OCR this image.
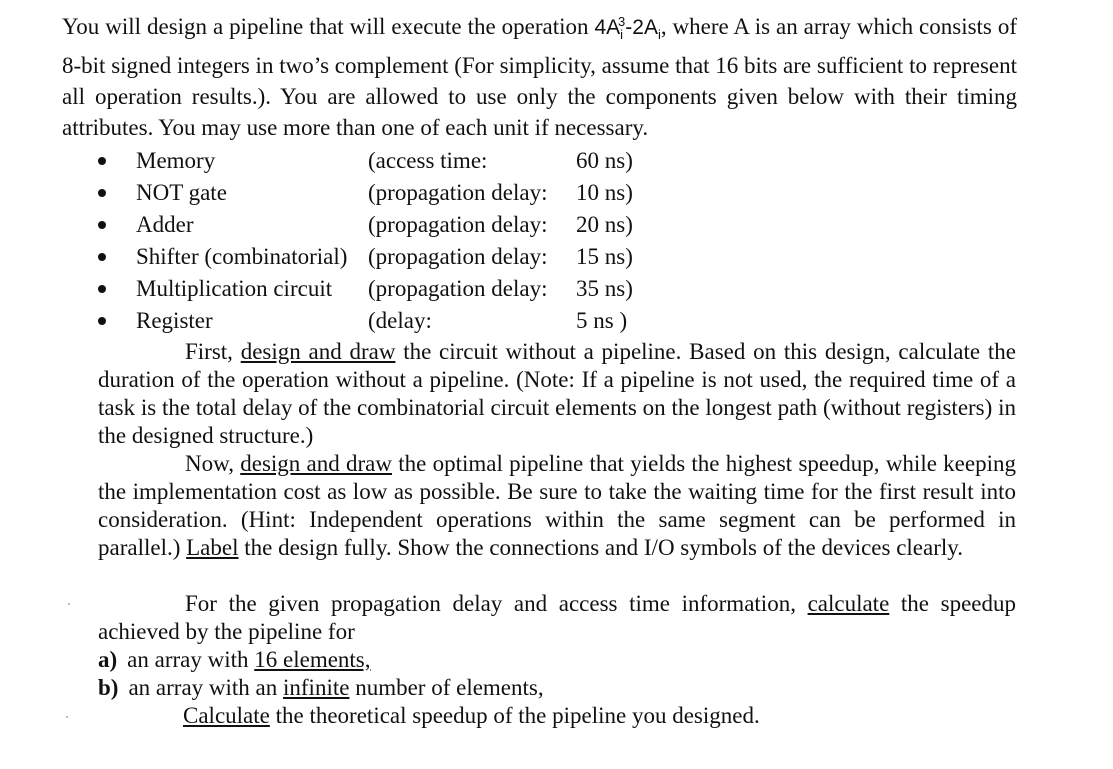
You will design a pipeline that will execute the operation $4A_i^3-2A_i$, where A is an array which consists of 8-bit signed integers in two’s complement (For simplicity, assume that 16 bits are sufficient to represent all operation results.). You are allowed to use only the components given below with their timing attributes. You may use more than one of each unit if necessary.

Memory	(access time:	60 ns)
NOT gate	(propagation delay: 10 ns)
Adder	(propagation delay: 20 ns)
Shifter (combinatorial) (propagation delay: 15 ns)
Multiplication circuit (propagation delay: 35 ns)
Register	(delay:	5 ns )

First, design and draw the circuit without a pipeline. Based on this design, calculate the duration of the operation without a pipeline. (Note: If a pipeline is not used, the required time of a task is the total delay of the combinatorial circuit elements on the longest path (without registers) in the designed structure.)

Now, design and draw the optimal pipeline that yields the highest speedup, while keeping the implementation cost as low as possible. Be sure to take the waiting time for the first result into consideration. (Hint: Independent operations within the same segment can be performed in parallel.) Label the design fully. Show the connections and I/O symbols of the devices clearly.

For the given propagation delay and access time information, calculate the speedup achieved by the pipeline for

a) an array with 16 elements,
b) an array with an infinite number of elements,
Calculate the theoretical speedup of the pipeline you designed.
